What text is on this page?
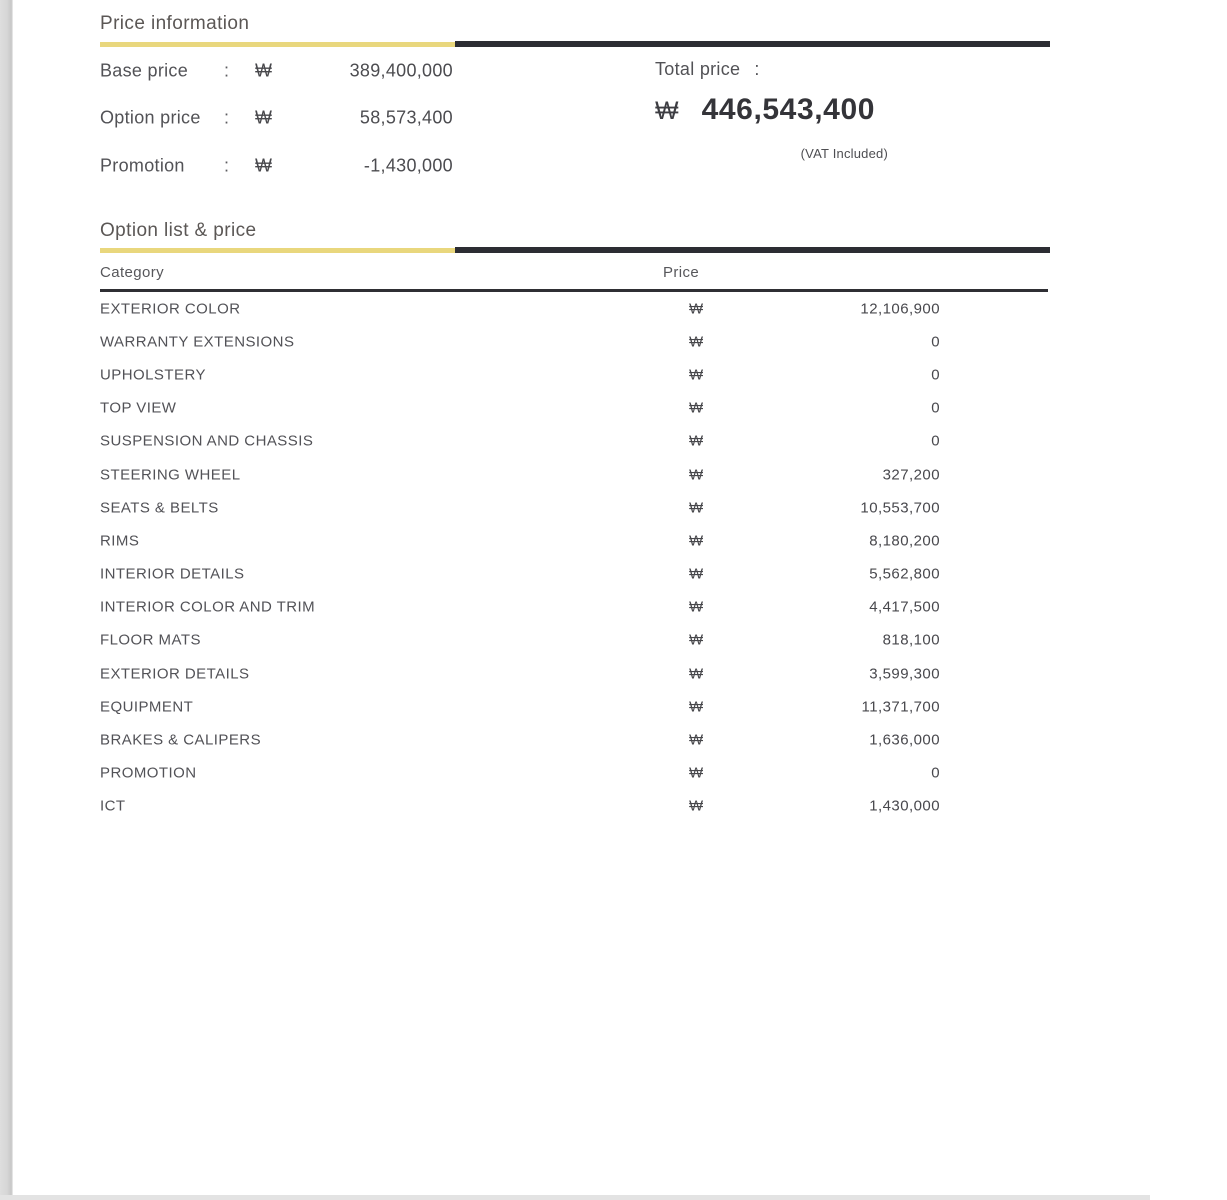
Price information
Base price : ₩	389,400,000
Option price : ₩	58,573,400
Promotion : ₩	-1,430,000
Total price :
₩ 446,543,400
(VAT Included)
Option list & price
Category	Price
EXTERIOR COLOR	₩	12,106,900
WARRANTY EXTENSIONS	₩	0
UPHOLSTERY	₩	0
TOP VIEW	₩	0
SUSPENSION AND CHASSIS	₩	0
STEERING WHEEL	₩	327,200
SEATS & BELTS	₩	10,553,700
RIMS	₩	8,180,200
INTERIOR DETAILS	₩	5,562,800
INTERIOR COLOR AND TRIM	₩	4,417,500
FLOOR MATS	₩	818,100
EXTERIOR DETAILS	₩	3,599,300
EQUIPMENT	₩	11,371,700
BRAKES & CALIPERS	₩	1,636,000
PROMOTION	₩	0
ICT	₩	1,430,000
